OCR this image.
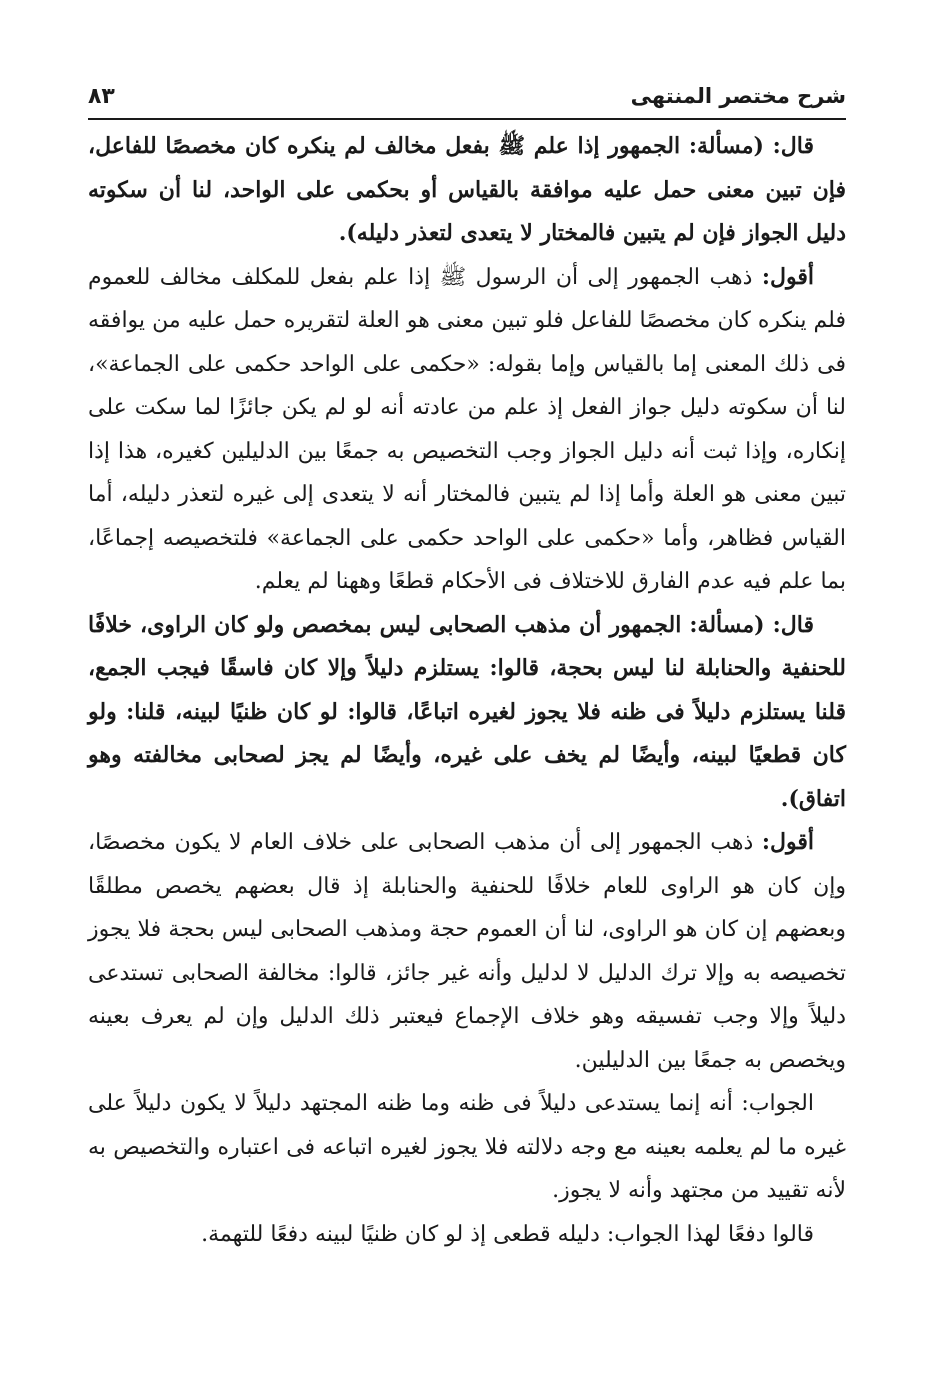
شرح مختصر المنتهى
٨٣

قال: (مسألة: الجمهور إذا علم ﷺ بفعل مخالف لم ينكره كان مخصصًا للفاعل، فإن تبين معنى حمل عليه موافقة بالقياس أو بحكمى على الواحد، لنا أن سكوته دليل الجواز فإن لم يتبين فالمختار لا يتعدى لتعذر دليله).

أقول: ذهب الجمهور إلى أن الرسول ﷺ إذا علم بفعل للمكلف مخالف للعموم فلم ينكره كان مخصصًا للفاعل فلو تبين معنى هو العلة لتقريره حمل عليه من يوافقه فى ذلك المعنى إما بالقياس وإما بقوله: «حكمى على الواحد حكمى على الجماعة»، لنا أن سكوته دليل جواز الفعل إذ علم من عادته أنه لو لم يكن جائزًا لما سكت على إنكاره، وإذا ثبت أنه دليل الجواز وجب التخصيص به جمعًا بين الدليلين كغيره، هذا إذا تبين معنى هو العلة وأما إذا لم يتبين فالمختار أنه لا يتعدى إلى غيره لتعذر دليله، أما القياس فظاهر، وأما «حكمى على الواحد حكمى على الجماعة» فلتخصيصه إجماعًا، بما علم فيه عدم الفارق للاختلاف فى الأحكام قطعًا وههنا لم يعلم.

قال: (مسألة: الجمهور أن مذهب الصحابى ليس بمخصص ولو كان الراوى، خلافًا للحنفية والحنابلة لنا ليس بحجة، قالوا: يستلزم دليلاً وإلا كان فاسقًا فيجب الجمع، قلنا يستلزم دليلاً فى ظنه فلا يجوز لغيره اتباعًا، قالوا: لو كان ظنيًا لبينه، قلنا: ولو كان قطعيًا لبينه، وأيضًا لم يخف على غيره، وأيضًا لم يجز لصحابى مخالفته وهو اتفاق).

أقول: ذهب الجمهور إلى أن مذهب الصحابى على خلاف العام لا يكون مخصصًا، وإن كان هو الراوى للعام خلافًا للحنفية والحنابلة إذ قال بعضهم يخصص مطلقًا وبعضهم إن كان هو الراوى، لنا أن العموم حجة ومذهب الصحابى ليس بحجة فلا يجوز تخصيصه به وإلا ترك الدليل لا لدليل وأنه غير جائز، قالوا: مخالفة الصحابى تستدعى دليلاً وإلا وجب تفسيقه وهو خلاف الإجماع فيعتبر ذلك الدليل وإن لم يعرف بعينه ويخصص به جمعًا بين الدليلين.

الجواب: أنه إنما يستدعى دليلاً فى ظنه وما ظنه المجتهد دليلاً لا يكون دليلاً على غيره ما لم يعلمه بعينه مع وجه دلالته فلا يجوز لغيره اتباعه فى اعتباره والتخصيص به لأنه تقييد من مجتهد وأنه لا يجوز.

قالوا دفعًا لهذا الجواب: دليله قطعى إذ لو كان ظنيًا لبينه دفعًا للتهمة.
